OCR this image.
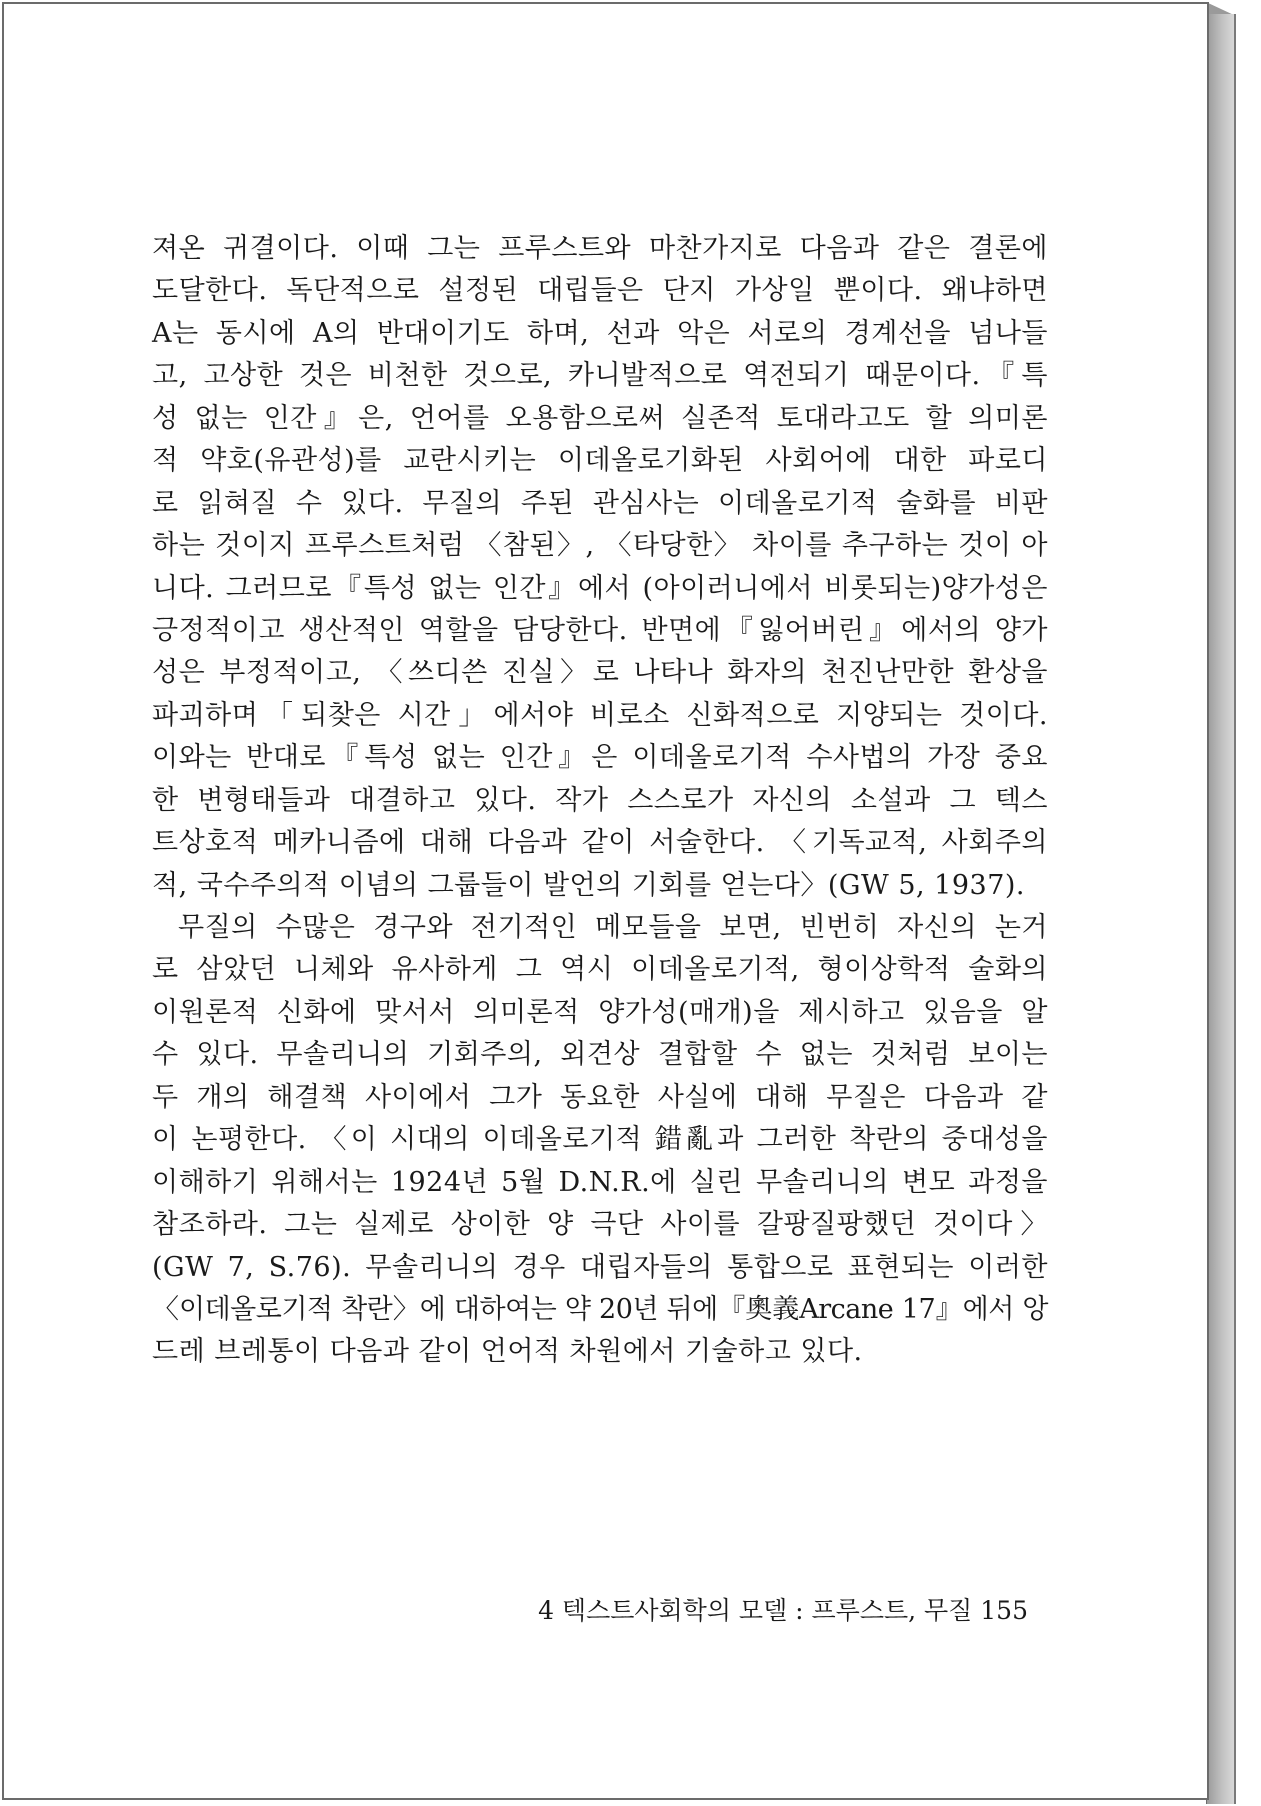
져온 귀결이다. 이때 그는 프루스트와 마찬가지로 다음과 같은 결론에
도달한다. 독단적으로 설정된 대립들은 단지 가상일 뿐이다. 왜냐하면
A는 동시에 A의 반대이기도 하며, 선과 악은 서로의 경계선을 넘나들
고, 고상한 것은 비천한 것으로, 카니발적으로 역전되기 때문이다.『특
성 없는 인간』은, 언어를 오용함으로써 실존적 토대라고도 할 의미론
적 약호(유관성)를 교란시키는 이데올로기화된 사회어에 대한 파로디
로 읽혀질 수 있다. 무질의 주된 관심사는 이데올로기적 술화를 비판
하는 것이지 프루스트처럼 〈참된〉, 〈타당한〉 차이를 추구하는 것이 아
니다. 그러므로『특성 없는 인간』에서 (아이러니에서 비롯되는)양가성은
긍정적이고 생산적인 역할을 담당한다. 반면에『잃어버린』에서의 양가
성은 부정적이고, 〈쓰디쓴 진실〉로 나타나 화자의 천진난만한 환상을
파괴하며「되찾은 시간」에서야 비로소 신화적으로 지양되는 것이다.
이와는 반대로『특성 없는 인간』은 이데올로기적 수사법의 가장 중요
한 변형태들과 대결하고 있다. 작가 스스로가 자신의 소설과 그 텍스
트상호적 메카니즘에 대해 다음과 같이 서술한다. 〈기독교적, 사회주의
적, 국수주의적 이념의 그룹들이 발언의 기회를 얻는다〉(GW 5, 1937).
무질의 수많은 경구와 전기적인 메모들을 보면, 빈번히 자신의 논거
로 삼았던 니체와 유사하게 그 역시 이데올로기적, 형이상학적 술화의
이원론적 신화에 맞서서 의미론적 양가성(매개)을 제시하고 있음을 알
수 있다. 무솔리니의 기회주의, 외견상 결합할 수 없는 것처럼 보이는
두 개의 해결책 사이에서 그가 동요한 사실에 대해 무질은 다음과 같
이 논평한다. 〈이 시대의 이데올로기적 錯亂과 그러한 착란의 중대성을
이해하기 위해서는 1924년 5월 D.N.R.에 실린 무솔리니의 변모 과정을
참조하라. 그는 실제로 상이한 양 극단 사이를 갈팡질팡했던 것이다〉
(GW 7, S.76). 무솔리니의 경우 대립자들의 통합으로 표현되는 이러한
〈이데올로기적 착란〉에 대하여는 약 20년 뒤에『奧義Arcane 17』에서 앙
드레 브레통이 다음과 같이 언어적 차원에서 기술하고 있다.
4 텍스트사회학의 모델 : 프루스트, 무질 155
